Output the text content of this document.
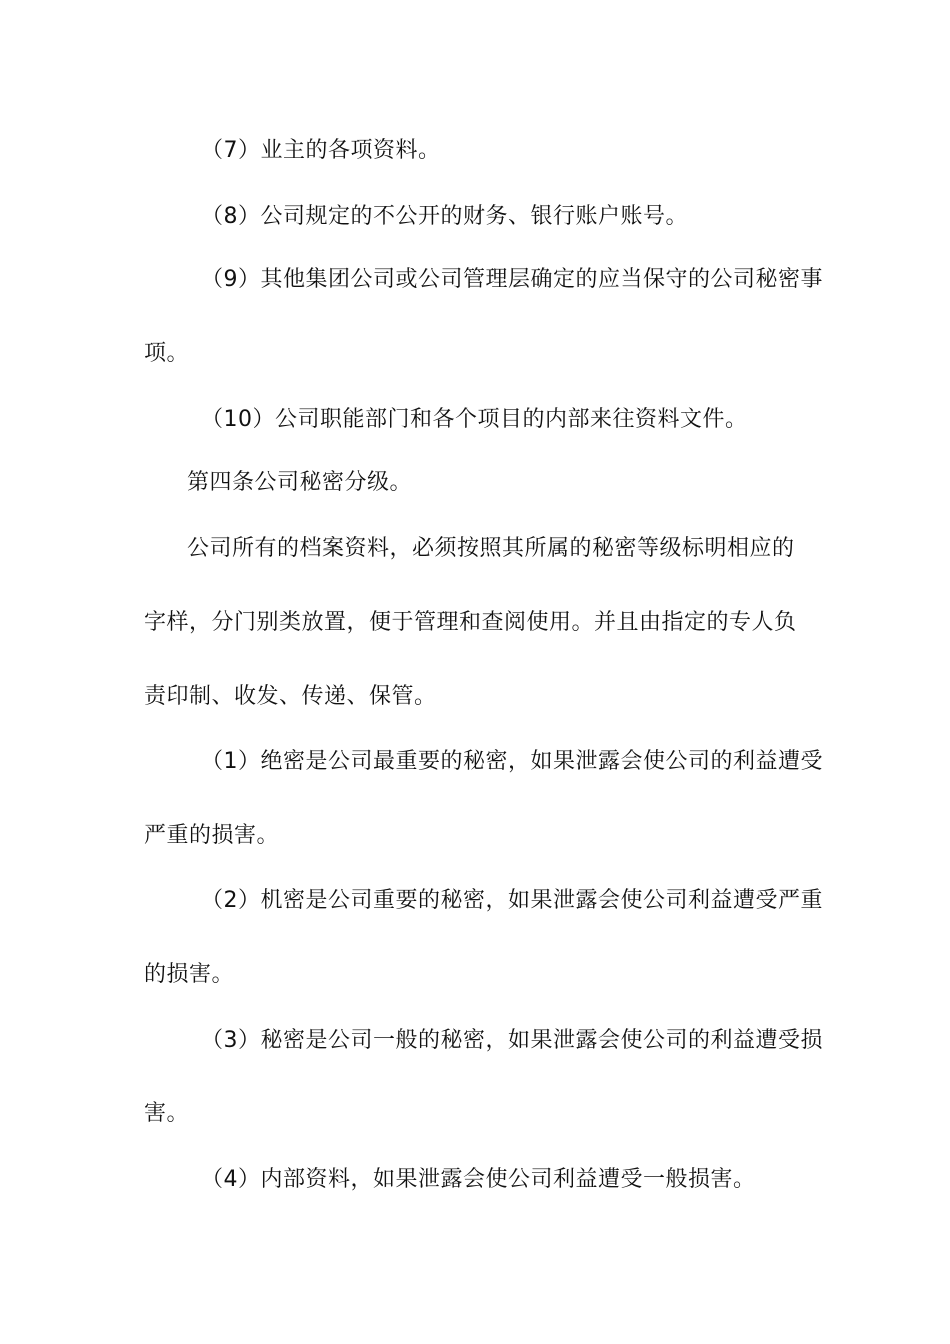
（7）业主的各项资料。
（8）公司规定的不公开的财务、银行账户账号。
（9）其他集团公司或公司管理层确定的应当保守的公司秘密事
项。
（10）公司职能部门和各个项目的内部来往资料文件。
第四条公司秘密分级。
公司所有的档案资料，必须按照其所属的秘密等级标明相应的
字样，分门别类放置，便于管理和查阅使用。并且由指定的专人负
责印制、收发、传递、保管。
（1）绝密是公司最重要的秘密，如果泄露会使公司的利益遭受
严重的损害。
（2）机密是公司重要的秘密，如果泄露会使公司利益遭受严重
的损害。
（3）秘密是公司一般的秘密，如果泄露会使公司的利益遭受损
害。
（4）内部资料，如果泄露会使公司利益遭受一般损害。
